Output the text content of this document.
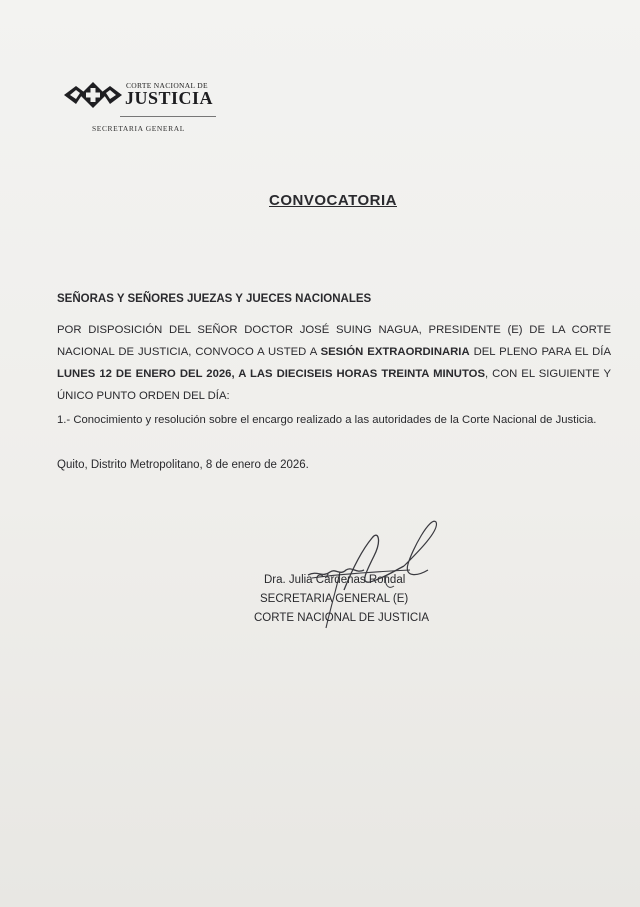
CORTE NACIONAL DE
JUSTICIA
SECRETARIA GENERAL
CONVOCATORIA
SEÑORAS Y SEÑORES JUEZAS Y JUECES NACIONALES
POR DISPOSICIÓN DEL SEÑOR DOCTOR JOSÉ SUING NAGUA, PRESIDENTE (E) DE LA CORTE NACIONAL DE JUSTICIA, CONVOCO A USTED A SESIÓN EXTRAORDINARIA DEL PLENO PARA EL DÍA LUNES 12 DE ENERO DEL 2026, A LAS DIECISEIS HORAS TREINTA MINUTOS, CON EL SIGUIENTE Y ÚNICO PUNTO ORDEN DEL DÍA:
1.- Conocimiento y resolución sobre el encargo realizado a las autoridades de la Corte Nacional de Justicia.
Quito, Distrito Metropolitano, 8 de enero de 2026.
Dra. Julia Cárdenas Rondal
SECRETARIA GENERAL (E)
CORTE NACIONAL DE JUSTICIA
